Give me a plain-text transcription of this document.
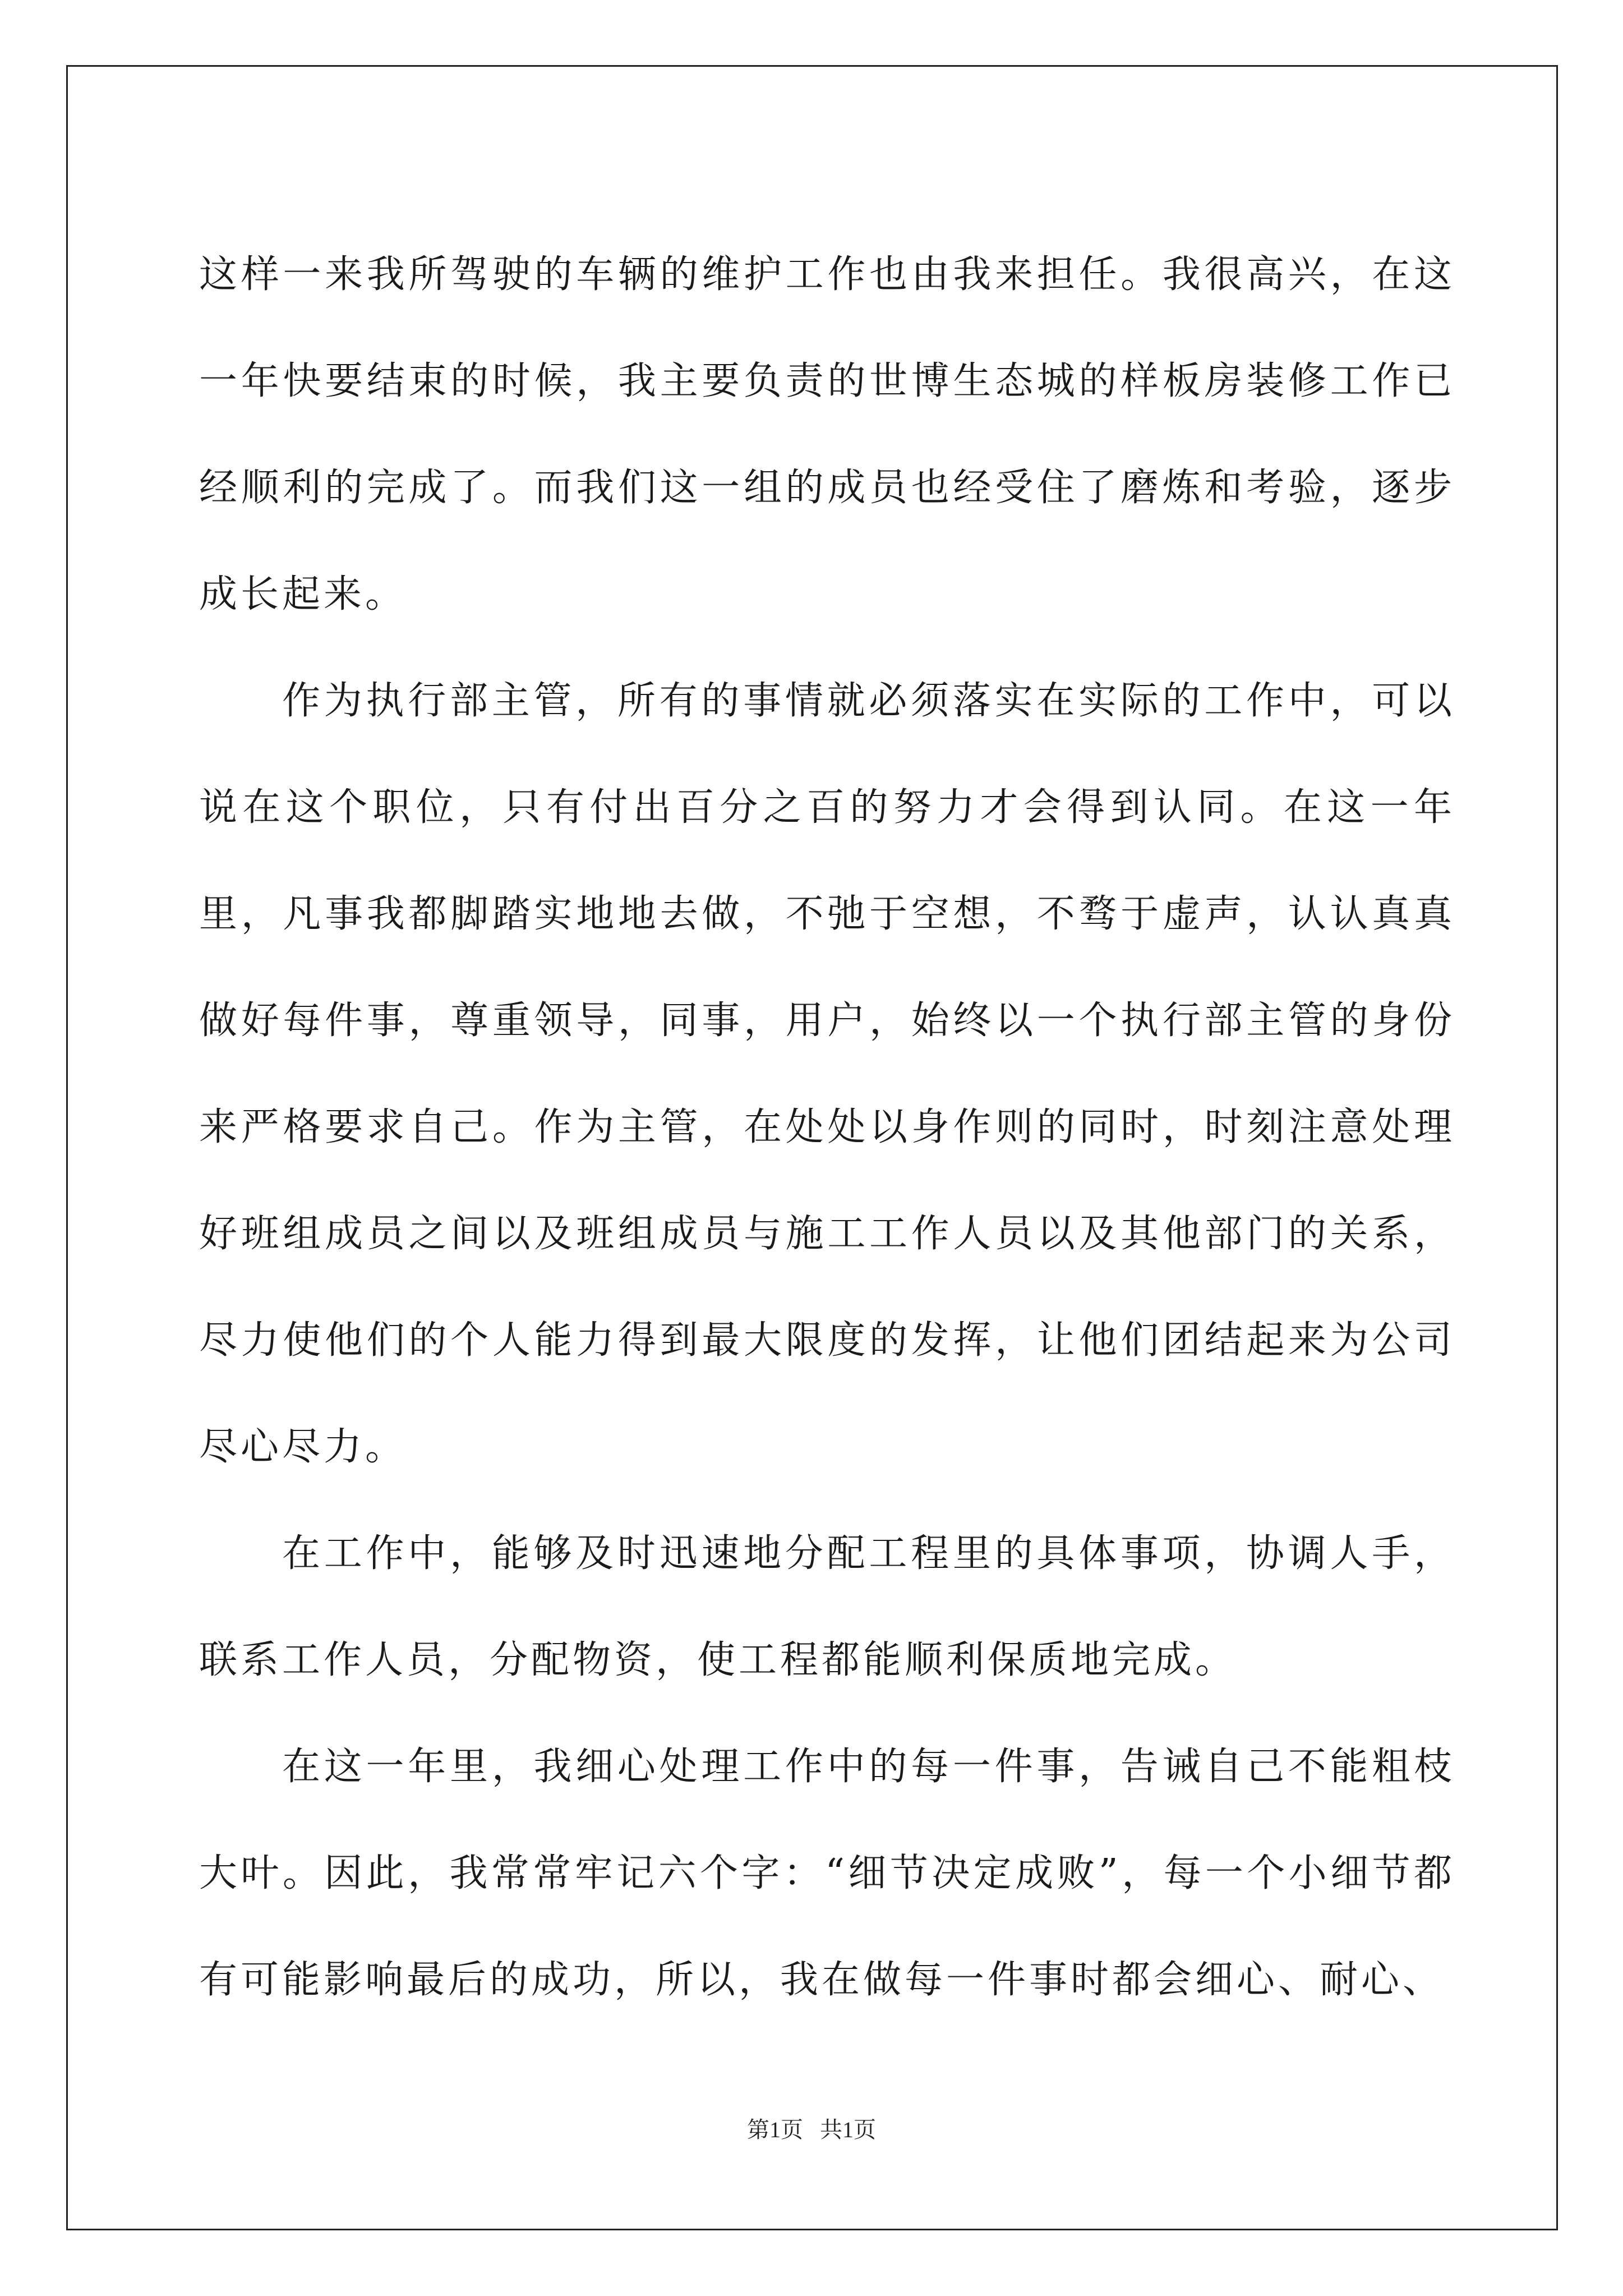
这样一来我所驾驶的车辆的维护工作也由我来担任。我很高兴，在这一年快要结束的时候，我主要负责的世博生态城的样板房装修工作已经顺利的完成了。而我们这一组的成员也经受住了磨炼和考验，逐步成长起来。

作为执行部主管，所有的事情就必须落实在实际的工作中，可以说在这个职位，只有付出百分之百的努力才会得到认同。在这一年里，凡事我都脚踏实地地去做，不弛于空想，不骛于虚声，认认真真做好每件事，尊重领导，同事，用户，始终以一个执行部主管的身份来严格要求自己。作为主管，在处处以身作则的同时，时刻注意处理好班组成员之间以及班组成员与施工工作人员以及其他部门的关系，尽力使他们的个人能力得到最大限度的发挥，让他们团结起来为公司尽心尽力。

在工作中，能够及时迅速地分配工程里的具体事项，协调人手，联系工作人员，分配物资，使工程都能顺利保质地完成。

在这一年里，我细心处理工作中的每一件事，告诫自己不能粗枝大叶。因此，我常常牢记六个字：“细节决定成败”，每一个小细节都有可能影响最后的成功，所以，我在做每一件事时都会细心、耐心、

第1页   共1页
